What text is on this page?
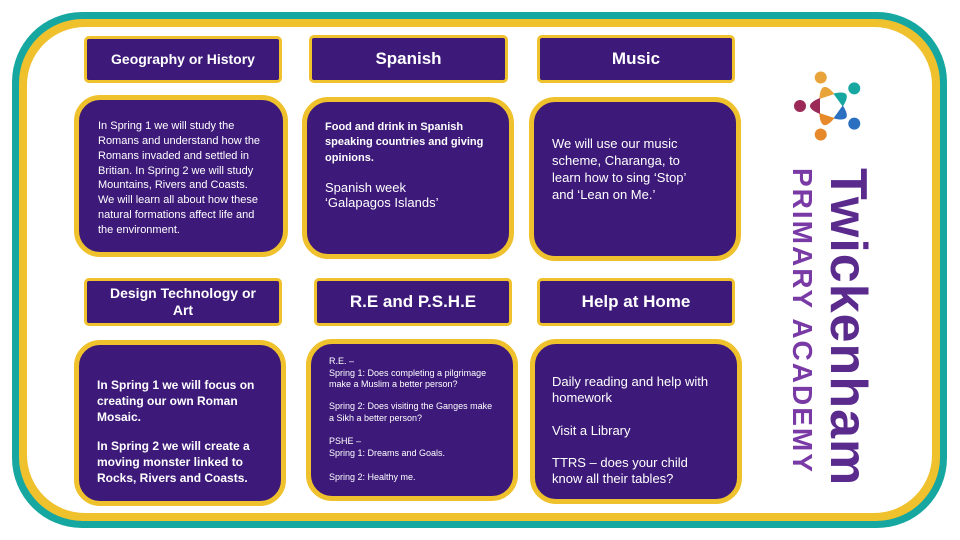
Geography or History	Spanish	Music

In Spring 1 we will study the Romans and understand how the Romans invaded and settled in Britian. In Spring 2 we will study Mountains, Rivers and Coasts. We will learn all about how these natural formations affect life and the environment.

Food and drink in Spanish speaking countries and giving opinions.

Spanish week

‘Galapagos Islands’

We will use our music scheme, Charanga, to learn how to sing ‘Stop’ and ‘Lean on Me.’

Design Technology or Art	R.E and P.S.H.E	Help at Home

In Spring 1 we will focus on creating our own Roman Mosaic.

In Spring 2 we will create a moving monster linked to Rocks, Rivers and Coasts.

R.E. –

Spring 1: Does completing a pilgrimage make a Muslim a better person?

Spring 2: Does visiting the Ganges make a Sikh a better person?

PSHE –

Spring 1: Dreams and Goals.

Spring 2: Healthy me.

Daily reading and help with homework

Visit a Library

TTRS – does your child know all their tables?	Twickenham
PRIMARY ACADEMY
